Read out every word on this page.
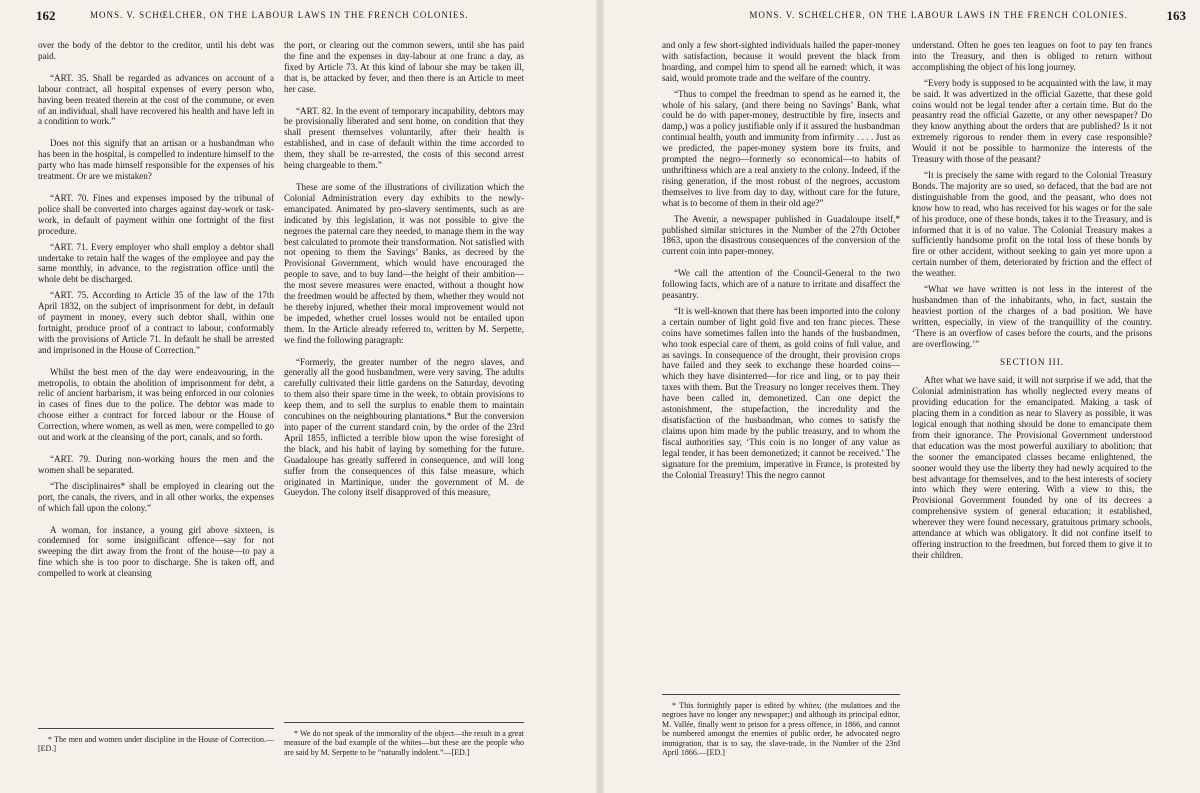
162	MONS. V. SCHŒLCHER, ON THE LABOUR LAWS IN THE FRENCH COLONIES.

over the body of the debtor to the creditor, until his debt was paid.

“ART. 35. Shall be regarded as advances on account of a labour contract, all hospital expenses of every person who, having been treated therein at the cost of the commune, or even of an individual, shall have recovered his health and have left in a condition to work.”

Does not this signify that an artisan or a husbandman who has been in the hospital, is compelled to indenture himself to the party who has made himself responsible for the expenses of his treatment. Or are we mistaken?

“ART. 70. Fines and expenses imposed by the tribunal of police shall be converted into charges against day-work or task-work, in default of payment within one fortnight of the first procedure.

“ART. 71. Every employer who shall employ a debtor shall undertake to retain half the wages of the employee and pay the same monthly, in advance, to the registration office until the whole debt be discharged.

“ART. 75. According to Article 35 of the law of the 17th April 1832, on the subject of imprisonment for debt, in default of payment in money, every such debtor shall, within one fortnight, produce proof of a contract to labour, conformably with the provisions of Article 71. In default he shall be arrested and imprisoned in the House of Correction.”

Whilst the best men of the day were endeavouring, in the metropolis, to obtain the abolition of imprisonment for debt, a relic of ancient barbarism, it was being enforced in our colonies in cases of fines due to the police. The debtor was made to choose either a contract for forced labour or the House of Correction, where women, as well as men, were compelled to go out and work at the cleansing of the port, canals, and so forth.

“ART. 79. During non-working hours the men and the women shall be separated.

“The disciplinaires* shall be employed in clearing out the port, the canals, the rivers, and in all other works, the expenses of which fall upon the colony.”

A woman, for instance, a young girl above sixteen, is condemned for some insignificant offence—say for not sweeping the dirt away from the front of the house—to pay a fine which she is too poor to discharge. She is taken off, and compelled to work at cleansing

the port, or clearing out the common sewers, until she has paid the fine and the expenses in day-labour at one franc a day, as fixed by Article 73. At this kind of labour she may be taken ill, that is, be attacked by fever, and then there is an Article to meet her case.

“ART. 82. In the event of temporary incapability, debtors may be provisionally liberated and sent home, on condition that they shall present themselves voluntarily, after their health is established, and in case of default within the time accorded to them, they shall be re-arrested, the costs of this second arrest being chargeable to them.”

These are some of the illustrations of civilization which the Colonial Administration every day exhibits to the newly-emancipated. Animated by pro-slavery sentiments, such as are indicated by this legislation, it was not possible to give the negroes the paternal care they needed, to manage them in the way best calculated to promote their transformation. Not satisfied with not opening to them the Savings’ Banks, as decreed by the Provisional Government, which would have encouraged the people to save, and to buy land—the height of their ambition—the most severe measures were enacted, without a thought how the freedmen would be affected by them, whether they would not be thereby injured, whether their moral improvement would not be impeded, whether cruel losses would not be entailed upon them. In the Article already referred to, written by M. Serpette, we find the following paragraph:

“Formerly, the greater number of the negro slaves, and generally all the good husbandmen, were very saving. The adults carefully cultivated their little gardens on the Saturday, devoting to them also their spare time in the week, to obtain provisions to keep them, and to sell the surplus to enable them to maintain concubines on the neighbouring plantations.* But the conversion into paper of the current standard coin, by the order of the 23rd April 1855, inflicted a terrible blow upon the wise foresight of the black, and his habit of laying by something for the future. Guadaloupe has greatly suffered in consequence, and will long suffer from the consequences of this false measure, which originated in Martinique, under the government of M. de Gueydon. The colony itself disapproved of this measure,

* The men and women under discipline in the House of Correction.—[ED.]

* We do not speak of the immorality of the object—the result in a great measure of the bad example of the whites—but these are the people who are said by M. Serpette to be “naturally indolent.”—[ED.]

MONS. V. SCHŒLCHER, ON THE LABOUR LAWS IN THE FRENCH COLONIES.	163

and only a few short-sighted individuals hailed the paper-money with satisfaction, because it would prevent the black from hoarding, and compel him to spend all he earned: which, it was said, would promote trade and the welfare of the country.

“Thus to compel the freedman to spend as he earned it, the whole of his salary, (and there being no Savings’ Bank, what could he do with paper-money, destructible by fire, insects and damp,) was a policy justifiable only if it assured the husbandman continual health, youth and immunity from infirmity . . . . Just as we predicted, the paper-money system bore its fruits, and prompted the negro—formerly so economical—to habits of unthriftiness which are a real anxiety to the colony. Indeed, if the rising generation, if the most robust of the negroes, accustom themselves to live from day to day, without care for the future, what is to become of them in their old age?”

The Avenir, a newspaper published in Guadaloupe itself,* published similar strictures in the Number of the 27th October 1863, upon the disastrous consequences of the conversion of the current coin into paper-money.

“We call the attention of the Council-General to the two following facts, which are of a nature to irritate and disaffect the peasantry.

“It is well-known that there has been imported into the colony a certain number of light gold five and ten franc pieces. These coins have sometimes fallen into the hands of the husbandmen, who took especial care of them, as gold coins of full value, and as savings. In consequence of the drought, their provision crops have failed and they seek to exchange these hoarded coins—which they have disinterred—for rice and ling, or to pay their taxes with them. But the Treasury no longer receives them. They have been called in, demonetized. Can one depict the astonishment, the stupefaction, the incredulity and the disatisfaction of the husbandman, who comes to satisfy the claims upon him made by the public treasury, and to whom the fiscal authorities say, ‘This coin is no longer of any value as legal tender, it has been demonetized; it cannot be received.’ The signature for the premium, imperative in France, is protested by the Colonial Treasury! This the negro cannot

understand. Often he goes ten leagues on foot to pay ten francs into the Treasury, and then is obliged to return without accomplishing the object of his long journey.

“Every body is supposed to be acquainted with the law, it may be said. It was advertized in the official Gazette, that these gold coins would not be legal tender after a certain time. But do the peasantry read the official Gazette, or any other newspaper? Do they know anything about the orders that are published? Is it not extremely rigorous to render them in every case responsible? Would it not be possible to harmonize the interests of the Treasury with those of the peasant?

“It is precisely the same with regard to the Colonial Treasury Bonds. The majority are so used, so defaced, that the bad are not distinguishable from the good, and the peasant, who does not know how to read, who has received for his wages or for the sale of his produce, one of these bonds, takes it to the Treasury, and is informed that it is of no value. The Colonial Treasury makes a sufficiently handsome profit on the total loss of these bonds by fire or other accident, without seeking to gain yet more upon a certain number of them, deteriorated by friction and the effect of the weather.

“What we have written is not less in the interest of the husbandmen than of the inhabitants, who, in fact, sustain the heaviest portion of the charges of a bad position. We have written, especially, in view of the tranquillity of the country. ‘There is an overflow of cases before the courts, and the prisons are overflowing.’”

SECTION III.

After what we have said, it will not surprise if we add, that the Colonial administration has wholly neglected every means of providing education for the emancipated. Making a task of placing them in a condition as near to Slavery as possible, it was logical enough that nothing should be done to emancipate them from their ignorance. The Provisional Government understood that education was the most powerful auxiliary to abolition; that the sooner the emancipated classes became enlightened, the sooner would they use the liberty they had newly acquired to the best advantage for themselves, and to the best interests of society into which they were entering. With a view to this, the Provisional Government founded by one of its decrees a comprehensive system of general education; it established, wherever they were found necessary, gratuitous primary schools, attendance at which was obligatory. It did not confine itself to offering instruction to the freedmen, but forced them to give it to their children.

* This fortnightly paper is edited by whites; (the mulattoes and the negroes have no longer any newspaper;) and although its principal editor, M. Vallée, finally went to prison for a press offence, in 1866, and cannot be numbered amongst the enemies of public order, he advocated negro immigration, that is to say, the slave-trade, in the Number of the 23rd April 1866.—[ED.]
